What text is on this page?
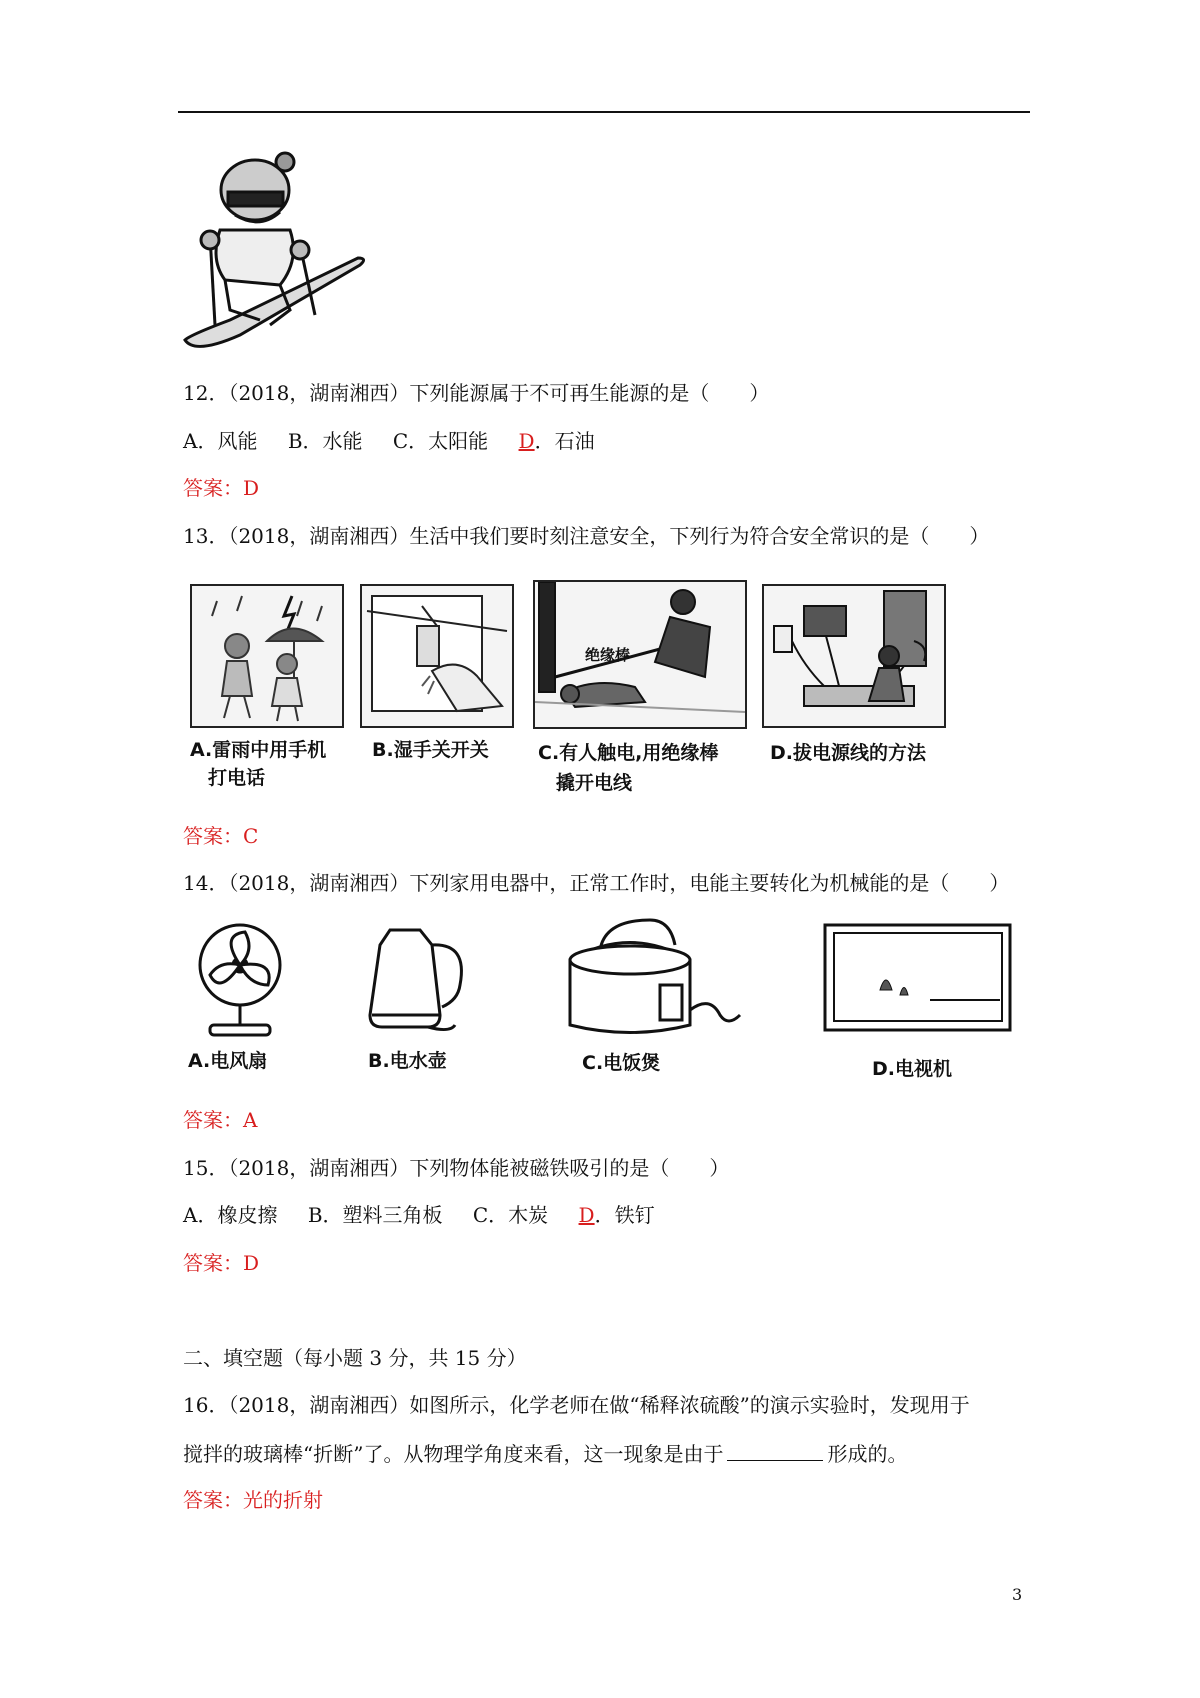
12．（2018，湖南湘西）下列能源属于不可再生能源的是（　　）
A．风能 B．水能 C．太阳能 D．石油
答案：D
13．（2018，湖南湘西）生活中我们要时刻注意安全，下列行为符合安全常识的是（　　）
绝缘棒
A.雷雨中用手机
打电话
B.湿手关开关	C.有人触电,用绝缘棒
撬开电线
D.拔电源线的方法
答案：C
14．（2018，湖南湘西）下列家用电器中，正常工作时，电能主要转化为机械能的是（　　）
A.电风扇	B.电水壶	C.电饭煲	D.电视机
答案：A
15．（2018，湖南湘西）下列物体能被磁铁吸引的是（　　）
A．橡皮擦 B．塑料三角板 C．木炭 D．铁钉
答案：D
二、填空题（每小题 3 分，共 15 分）
16．（2018，湖南湘西）如图所示，化学老师在做“稀释浓硫酸”的演示实验时，发现用于
搅拌的玻璃棒“折断”了。从物理学角度来看，这一现象是由于	形成的。
答案：光的折射
3
